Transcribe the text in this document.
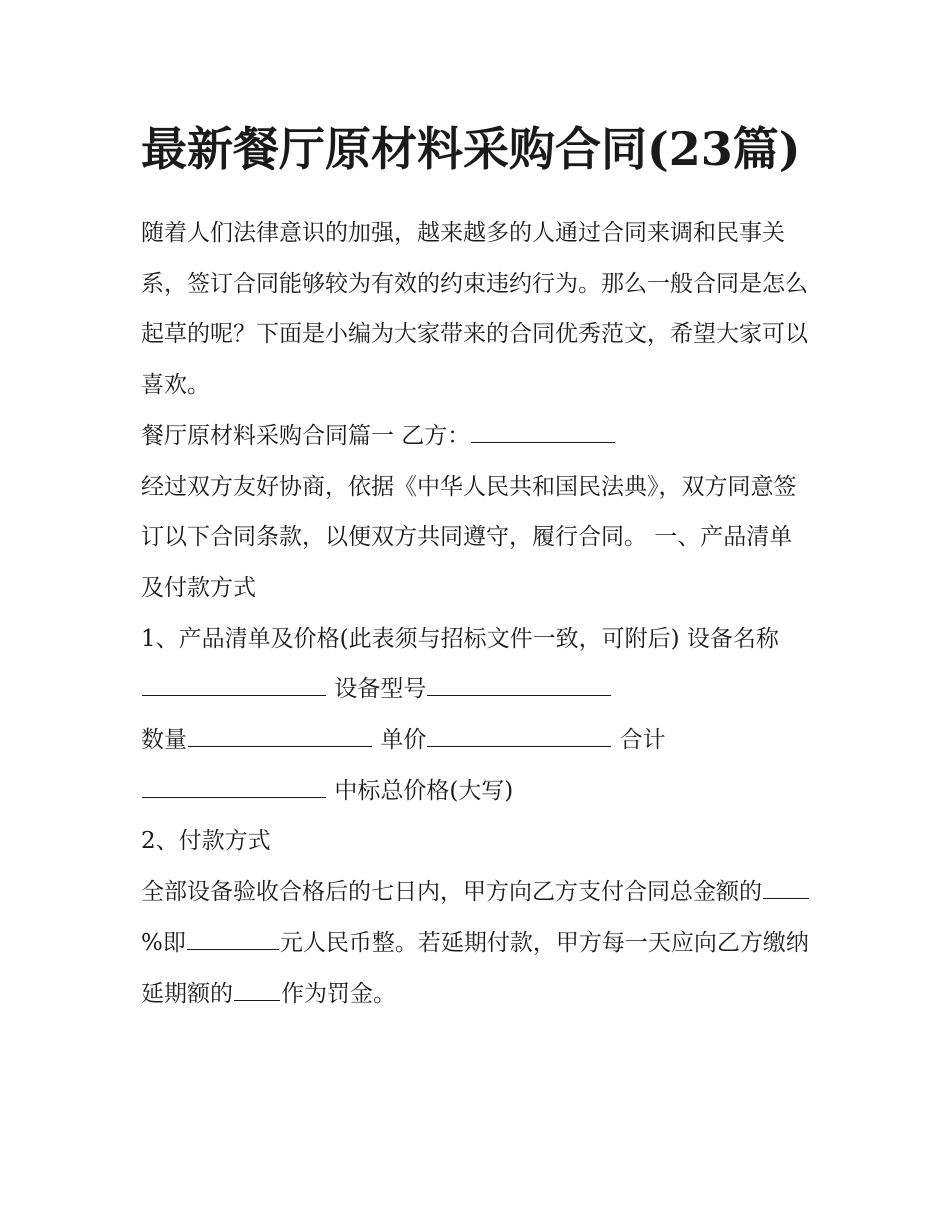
最新餐厅原材料采购合同(23篇)

随着人们法律意识的加强，越来越多的人通过合同来调和民事关系，签订合同能够较为有效的约束违约行为。那么一般合同是怎么起草的呢？下面是小编为大家带来的合同优秀范文，希望大家可以喜欢。

餐厅原材料采购合同篇一 乙方：

经过双方友好协商，依据《中华人民共和国民法典》，双方同意签订以下合同条款，以便双方共同遵守，履行合同。 一、产品清单及付款方式

1、产品清单及价格(此表须与招标文件一致，可附后) 设备名称 设备型号
数量	单价	合计
中标总价格(大写)

2、付款方式

全部设备验收合格后的七日内，甲方向乙方支付合同总金额的%即	元人民币整。若延期付款，甲方每一天应向乙方缴纳延期额的 作为罚金。
